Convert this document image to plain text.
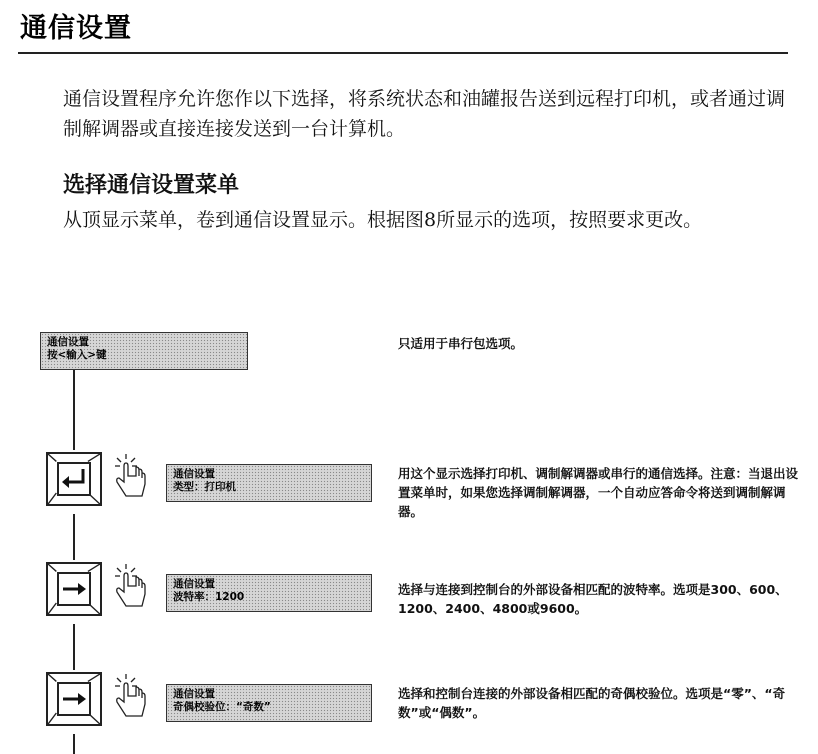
通信设置
通信设置程序允许您作以下选择，将系统状态和油罐报告送到远程打印机，或者通过调制解调器或直接连接发送到一台计算机。
选择通信设置菜单
从顶显示菜单，卷到通信设置显示。根据图8所显示的选项，按照要求更改。
通信设置
按<输入>键
只适用于串行包选项。
通信设置
类型：打印机
用这个显示选择打印机、调制解调器或串行的通信选择。注意：当退出设置菜单时，如果您选择调制解调器，一个自动应答命令将送到调制解调器。
通信设置
波特率：1200	选择与连接到控制台的外部设备相匹配的波特率。选项是300、600、1200、2400、4800或9600。
通信设置
奇偶校验位：“奇数”
选择和控制台连接的外部设备相匹配的奇偶校验位。选项是“零”、“奇数”或“偶数”。
